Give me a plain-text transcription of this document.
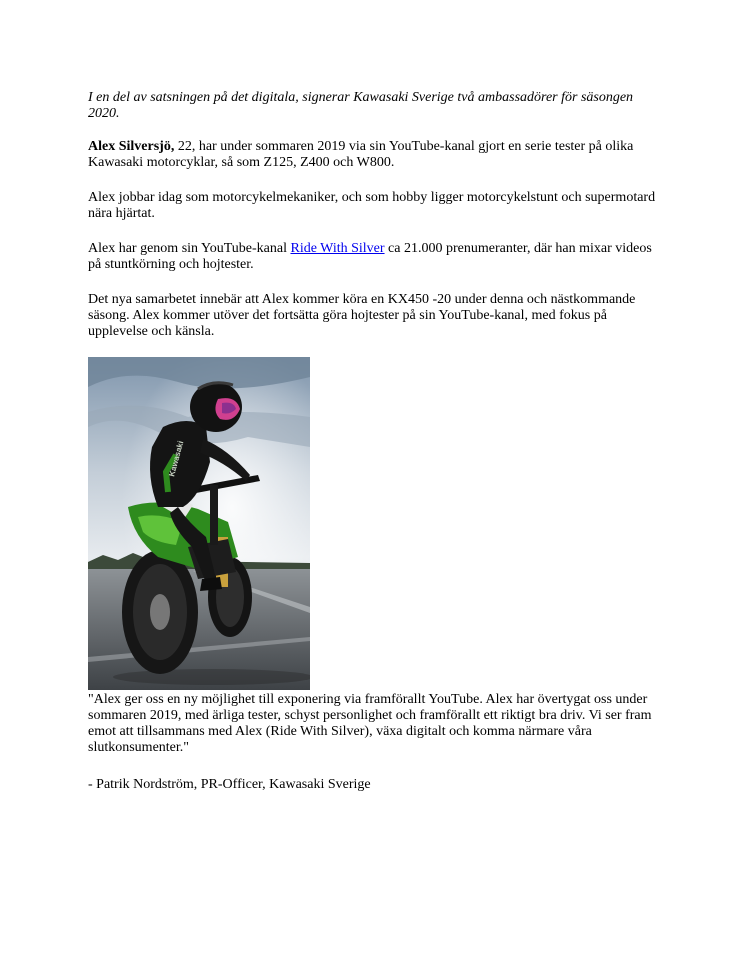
I en del av satsningen på det digitala, signerar Kawasaki Sverige två ambassadörer för säsongen 2020.

Alex Silversjö, 22, har under sommaren 2019 via sin YouTube-kanal gjort en serie tester på olika Kawasaki motorcyklar, så som Z125, Z400 och W800.

Alex jobbar idag som motorcykelmekaniker, och som hobby ligger motorcykelstunt och supermotard nära hjärtat.

Alex har genom sin YouTube-kanal Ride With Silver ca 21.000 prenumeranter, där han mixar videos på stuntkörning och hojtester.

Det nya samarbetet innebär att Alex kommer köra en KX450 -20 under denna och nästkommande säsong. Alex kommer utöver det fortsätta göra hojtester på sin YouTube-kanal, med fokus på upplevelse och känsla.

Kawasaki

"Alex ger oss en ny möjlighet till exponering via framförallt YouTube. Alex har övertygat oss under sommaren 2019, med ärliga tester, schyst personlighet och framförallt ett riktigt bra driv. Vi ser fram emot att tillsammans med Alex (Ride With Silver), växa digitalt och komma närmare våra slutkonsumenter."

- Patrik Nordström, PR-Officer, Kawasaki Sverige
